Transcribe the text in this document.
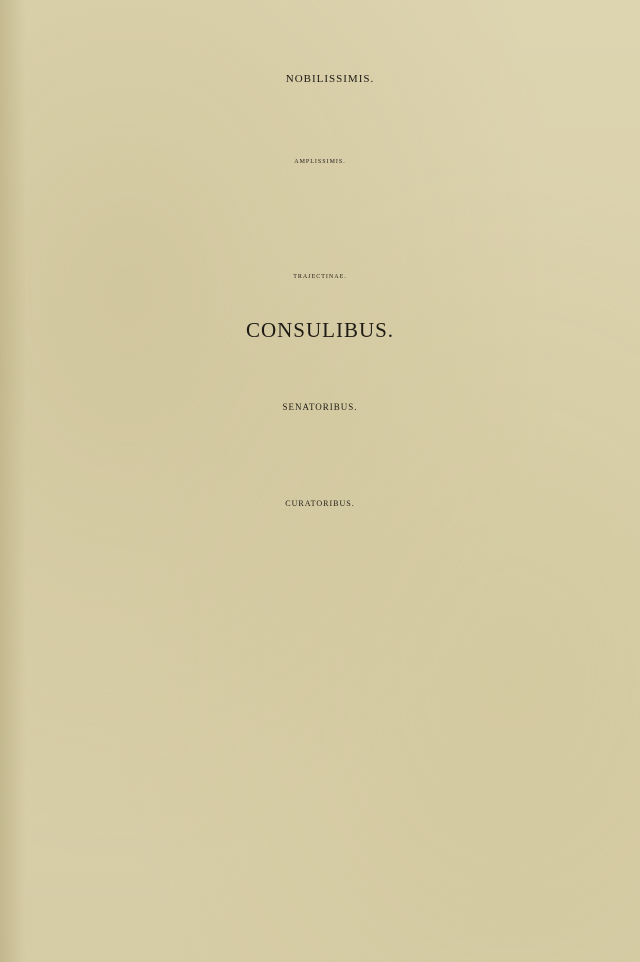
NOBILISSIMIS.
AMPLISSIMIS.
TRAJECTINAE.
CONSULIBUS.
SENATORIBUS.
CURATORIBUS.
